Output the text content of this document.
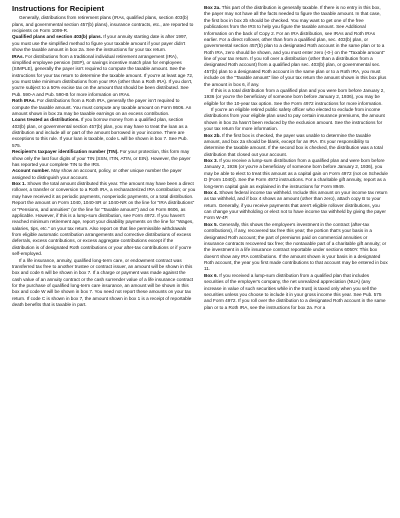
Instructions for Recipient

Generally, distributions from retirement plans (IRAs, qualified plans, section 403(b) plans, and governmental section 457(b) plans), insurance contracts, etc., are reported to recipients on Form 1099-R.

Qualified plans and section 403(b) plans. If your annuity starting date is after 1997, you must use the simplified method to figure your taxable amount if your payer didn't show the taxable amount in box 2a. See the instructions for your tax return.

IRAs. For distributions from a traditional individual retirement arrangement (IRA), simplified employee pension (SEP), or savings incentive match plan for employees (SIMPLE), generally the payer isn't required to compute the taxable amount. See the instructions for your tax return to determine the taxable amount. If you're at least age 72, you must take minimum distributions from your IRA (other than a Roth IRA). If you don't, you're subject to a 50% excise tax on the amount that should be been distributed. See Pub. 590-A and Pub. 590-B for more information on IRAs.

Roth IRAs. For distributions from a Roth IRA, generally the payer isn't required to compute the taxable amount. You must compute any taxable amount on Form 8606. An amount shown in box 2a may be taxable earnings on an excess contribution.

Loans treated as distributions. If you borrow money from a qualified plan, section 403(b) plan, or governmental section 457(b) plan, you may have to treat the loan as a distribution and include all or part of the amount borrowed in your income. There are exceptions to this rule. If your loan is taxable, code L will be shown in box 7. See Pub. 575.

Recipient's taxpayer identification number (TIN). For your protection, this form may show only the last four digits of your TIN (SSN, ITIN, ATIN, or EIN). However, the payer has reported your complete TIN to the IRS.

Account number. May show an account, policy, or other unique number the payer assigned to distinguish your account.

Box 1. Shows the total amount distributed this year. The amount may have been a direct rollover, a transfer or conversion to a Roth IRA, a recharacterized IRA contribution; or you may have received it as periodic payments, nonperiodic payments, or a total distribution. Report the amount on Form 1040, 1040-SR or 1040-NR on the line for "IRA distributions" or "Pensions, and annuities" (or the line for "Taxable amount") and on Form 8606, as applicable. However, if this is a lump-sum distribution, see Form 4972. If you haven't reached minimum retirement age, report your disability payments on the line for "Wages, salaries, tips, etc." on your tax return. Also report on that line permissible withdrawals from eligible automatic contribution arrangements and corrective distributions of excess deferrals, excess contributions, or excess aggregate contributions except if the distribution is of designated Roth contributions or your after-tax contributions or if you're self-employed.

If a life insurance, annuity, qualified long-term care, or endowment contract was transferred tax free to another trustee or contract issuer, an amount will be shown in this box and code 6 will be shown in box 7. If a charge or payment was made against the cash value of an annuity contract or the cash surrender value of a life insurance contract for the purchase of qualified long-term care insurance, an amount will be shown in this box and code W will be shown in box 7. You need not report these amounts on your tax return. If code C is shown in box 7, the amount shown in box 1 is a receipt of reportable death benefits that is taxable in part.

Box 2a. This part of the distribution is generally taxable. If there is no entry in this box, the payer may not have all the facts needed to figure the taxable amount. In that case, the first box in box 2b should be checked. You may want to get one of the free publications from the IRS to help you figure the taxable amount. See Additional Information on the back of Copy 2. For an IRA distribution, see IRAs and Roth IRAs earlier. For a direct rollover, other than from a qualified plan, sec. 403(b) plan, or governmental section 457(b) plan to a designated Roth account in the same plan or to a Roth IRA, zero should be shown, and you must enter zero (-0-) on the "Taxable amount" line of your tax return. If you roll over a distribution (other than a distribution from a designated Roth account) from a qualified plan sec. 403(b) plan, or governmental sec. 457(b) plan to a designated Roth account in the same plan or to a Roth IRA, you must include on the "Taxable amount" line of your tax return the amount shown in this box plus the amount in box 6, if any.

If this is a total distribution from a qualified plan and you were born before January 2, 1936 (or you're the beneficiary of someone born before January 2, 1936), you may be eligible for the 10-year tax option. See the Form 4972 instructions for more information.

If you're an eligible retired public safety officer who elected to exclude from income distributions from your eligible plan used to pay certain insurance premiums, the amount shown in box 2a hasn't been reduced by the exclusion amount. See the instructions for your tax return for more information.

Box 2b. If the first box is checked, the payer was unable to determine the taxable amount, and box 2a should be blank, except for an IRA. It's your responsibility to determine the taxable amount. If the second box is checked, the distribution was a total distribution that closed out your account.

Box 3. If you receive a lump-sum distribution from a qualified plan and were born before January 2, 1936 (or you're a beneficiary of someone born before January 2, 1936), you may be able to elect to treat this amount as a capital gain on Form 4972 (not on Schedule D (Form 1040)). See the Form 4972 instructions. For a charitable gift annuity, report as a long-term capital gain as explained in the instructions for Form 8949.

Box 4. Shows federal income tax withheld. Include this amount on your income tax return as tax withheld, and if box 4 shows an amount (other than zero), attach copy B to your return. Generally, if you receive payments that aren't eligible rollover distributions, you can change your withholding or elect not to have income tax withheld by giving the payer Form W-4P.

Box 5. Generally, this shows the employee's investment in the contract (after-tax contributions), if any, recovered tax free this year; the portion that's your basis in a designated Roth account; the part of premiums paid on commercial annuities or insurance contracts recovered tax free; the nontaxable part of a charitable gift annuity; or the investment in a life insurance contract reportable under sections 6050Y. This box doesn't show any IRA contributions. If the amount shown is your basis in a designated Roth account, the year you first made contributions to that account may be entered in box 11.

Box 6. If you received a lump-sum distribution from a qualified plan that includes securities of the employer's company, the net unrealized appreciation (NUA) (any increase in value of such securities while in the trust) is taxed only when you sell the securities unless you choose to include it in your gross income this year. See Pub. 575 and Form 4972. If you roll over the distribution to a designated Roth account in the same plan or to a Roth IRA, see the instructions for box 2a. For a
